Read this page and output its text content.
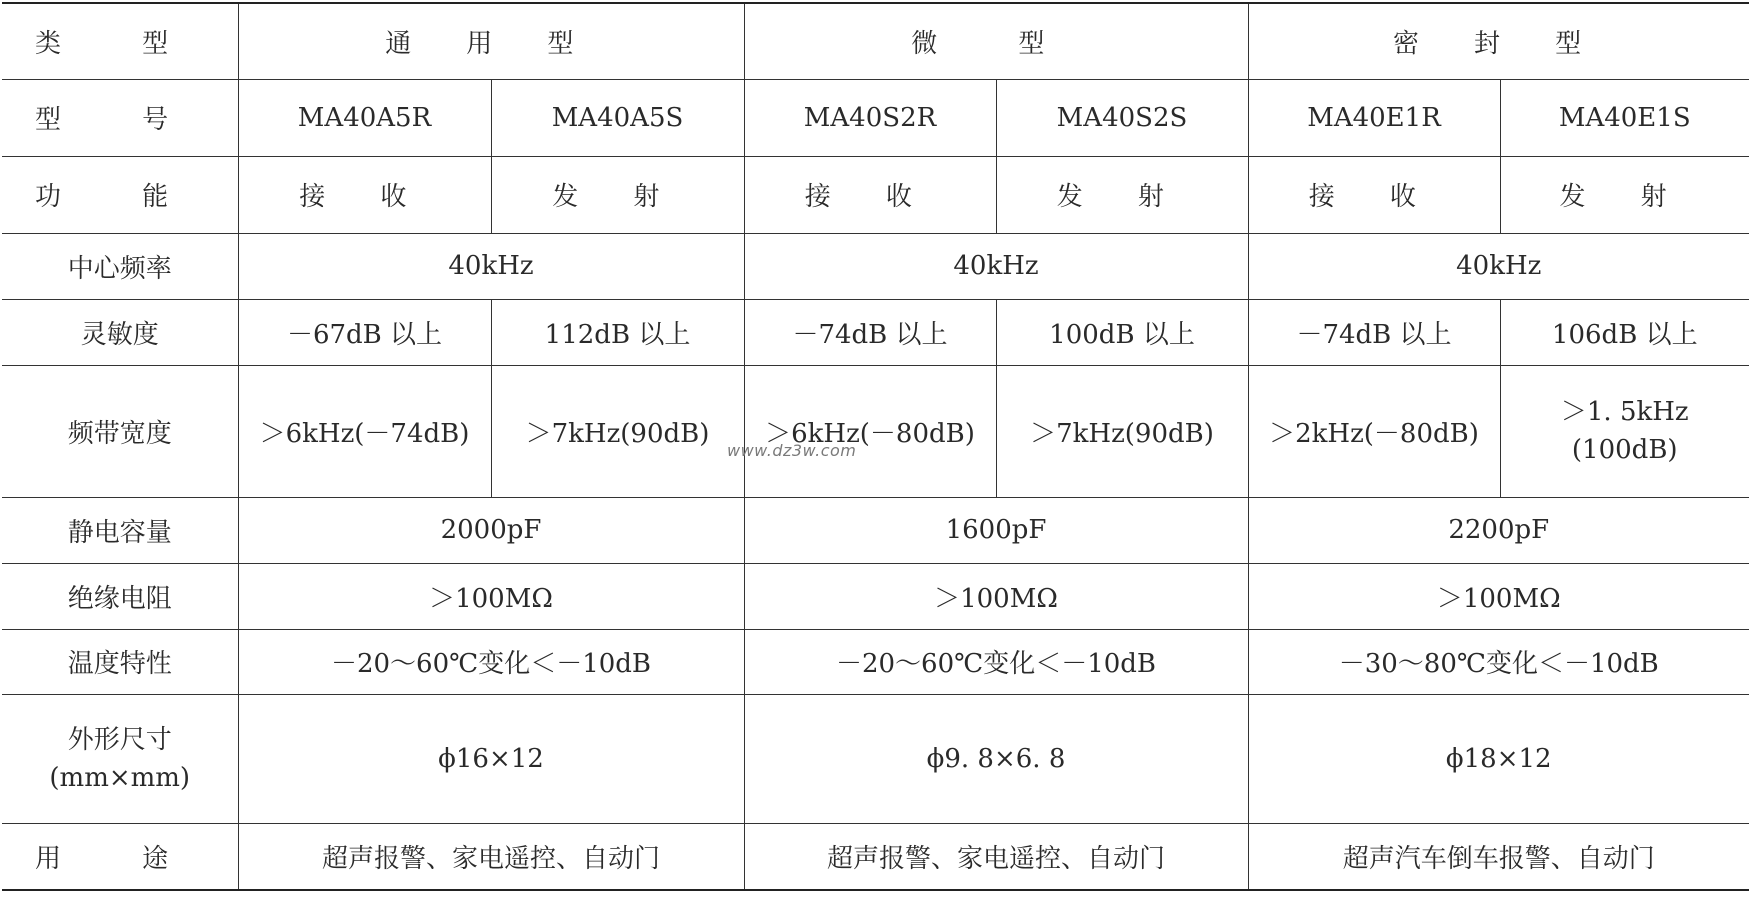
类 型	通 用 型		微 型		密 封 型	
型 号	MA40A5R	MA40A5S	MA40S2R	MA40S2S	MA40E1R	MA40E1S
功 能	接 收	发 射	接 收	发 射	接 收	发 射
中心频率	40kHz		40kHz		40kHz	
灵敏度	－67dB 以上	112dB 以上	－74dB 以上	100dB 以上	－74dB 以上	106dB 以上
频带宽度	＞6kHz(－74dB)	＞7kHz(90dB)	＞6kHz(－80dB)	＞7kHz(90dB)	＞2kHz(－80dB)	＞1. 5kHz
(100dB)

静电容量	2000pF		1600pF		2200pF	
绝缘电阻	＞100MΩ		＞100MΩ		＞100MΩ	
温度特性	－20～60℃变化＜－10dB		－20～60℃变化＜－10dB		－30～80℃变化＜－10dB	

外形尺寸
(mm×mm)	ϕ16×12		ϕ9. 8×6. 8		ϕ18×12	
用 途	超声报警、家电遥控、自动门		超声报警、家电遥控、自动门		超声汽车倒车报警、自动门	
www.dz3w.com
